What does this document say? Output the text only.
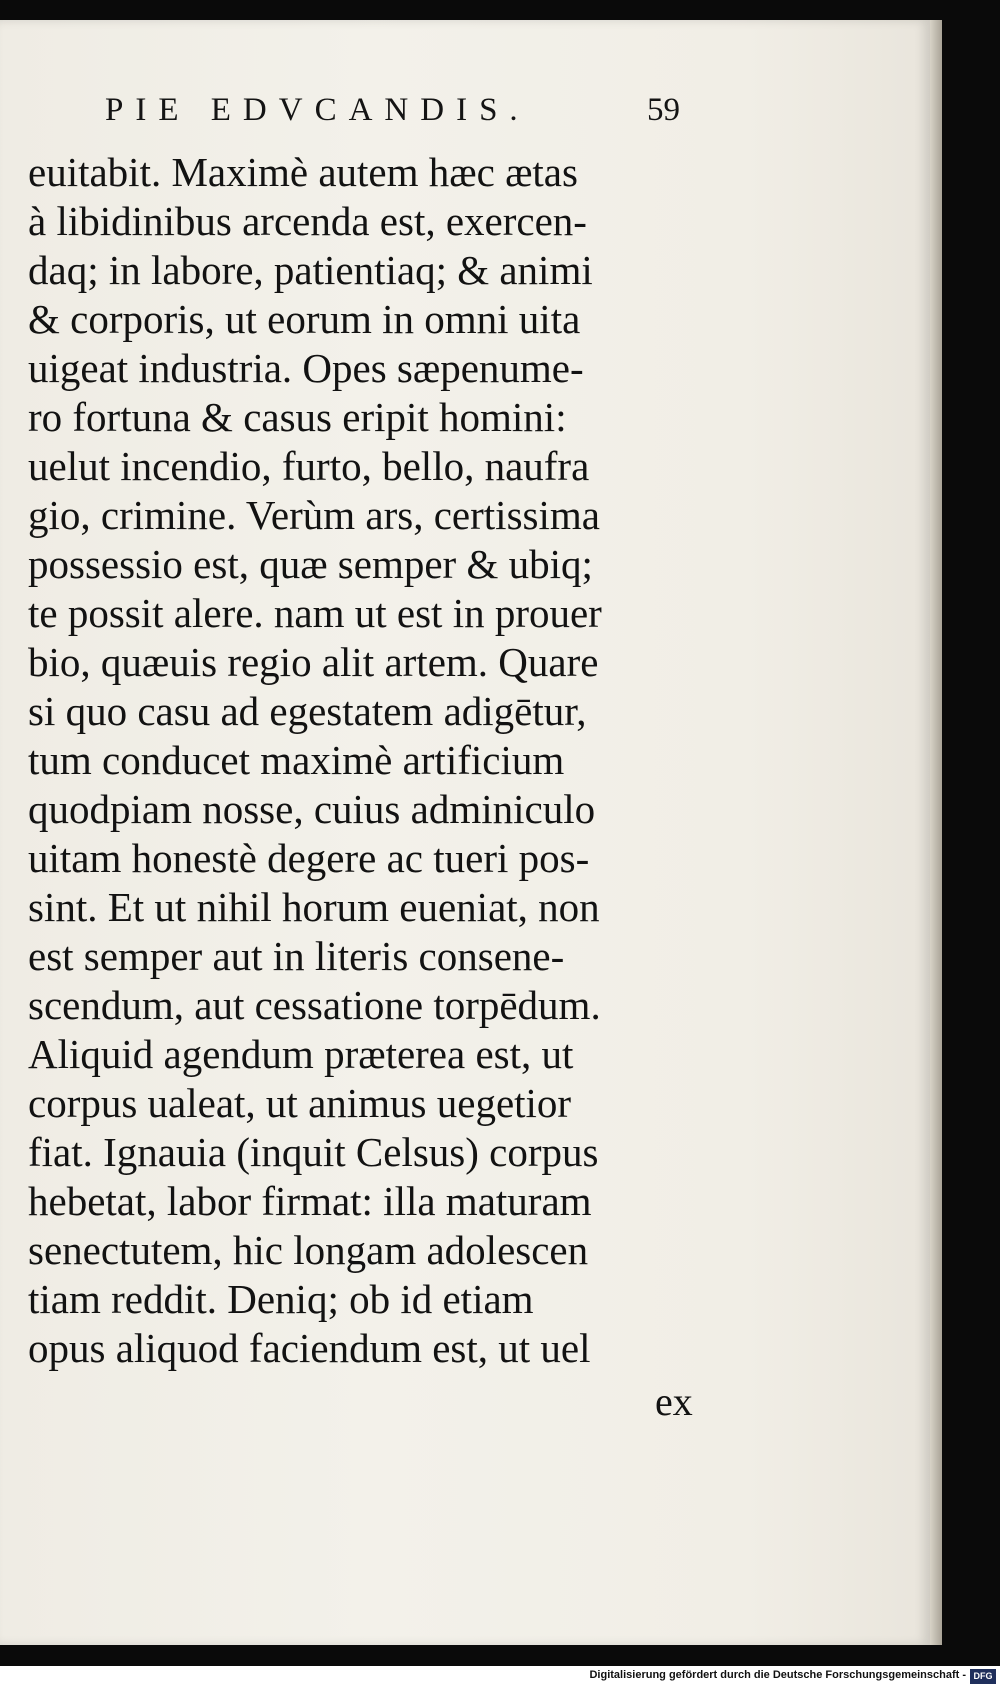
PIE EDVCANDIS.	59
euitabit. Maximè autem hæc ætas
à libidinibus arcenda est, exercen-
daq; in labore, patientiaq; & animi
& corporis, ut eorum in omni uita
uigeat industria. Opes sæpenume-
ro fortuna & casus eripit homini:
uelut incendio, furto, bello, naufra
gio, crimine. Verùm ars, certissima
possessio est, quæ semper & ubiq;
te possit alere. nam ut est in prouer
bio, quæuis regio alit artem. Quare
si quo casu ad egestatem adigētur,
tum conducet maximè artificium
quodpiam nosse, cuius adminiculo
uitam honestè degere ac tueri pos-
sint. Et ut nihil horum eueniat, non
est semper aut in literis consene-
scendum, aut cessatione torpēdum.
Aliquid agendum præterea est, ut
corpus ualeat, ut animus uegetior
fiat. Ignauia (inquit Celsus) corpus
hebetat, labor firmat: illa maturam
senectutem, hic longam adolescen
tiam reddit. Deniq; ob id etiam
opus aliquod faciendum est, ut uel
ex
Digitalisierung gefördert durch die Deutsche Forschungsgemeinschaft - DFG
